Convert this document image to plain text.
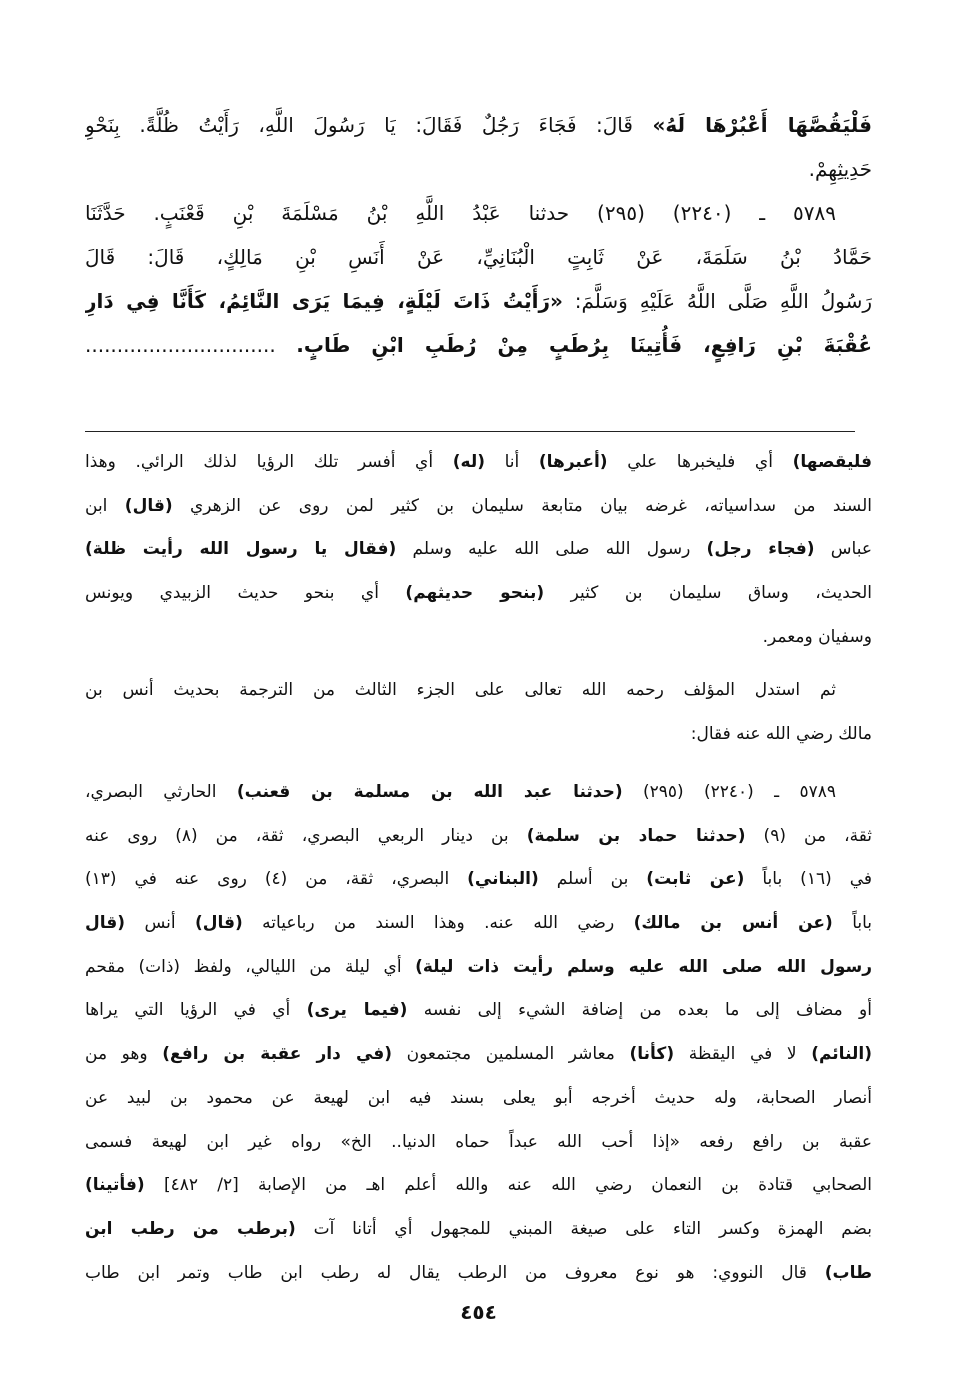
فَلْيَقُصَّهَا أَعْبُرْهَا لَهُ» قَالَ: فَجَاءَ رَجُلٌ فَقَالَ: يَا رَسُولَ اللَّهِ، رَأَيْتُ ظُلَّةً. بِنَحْوِ
حَدِيثِهِمْ.
٥٧٨٩ ـ (٢٢٤٠) (٢٩٥) حدثنا عَبْدُ اللَّهِ بْنُ مَسْلَمَةَ بْنِ قَعْنَبٍ. حَدَّثَنَا
حَمَّادُ بْنُ سَلَمَةَ، عَنْ ثَابِتٍ الْبُنَانِيِّ، عَنْ أَنَسِ بْنِ مَالِكٍ، قَالَ: قَالَ
رَسُولُ اللَّهِ صَلَّى اللَّهُ عَلَيْهِ وَسَلَّمَ: «رَأَيْتُ ذَاتَ لَيْلَةٍ، فِيمَا يَرَى النَّائِمُ، كَأَنَّا فِي دَارِ
عُقْبَةَ بْنِ رَافِعٍ، فَأُتِينَا بِرُطَبٍ مِنْ رُطَبِ ابْنِ طَابٍ. ..............................
فليقصها) أي فليخبرها علي (أعبرها) أنا (له) أي أفسر تلك الرؤيا لذلك الرائي. وهذا
السند من سداسياته، غرضه بيان متابعة سليمان بن كثير لمن روى عن الزهري (قال) ابن
عباس (فجاء رجل) رسول الله صلى الله عليه وسلم (فقال يا رسول الله رأيت ظلة)
الحديث، وساق سليمان بن كثير (بنحو حديثهم) أي بنحو حديث الزبيدي ويونس
وسفيان ومعمر.
ثم استدل المؤلف رحمه الله تعالى على الجزء الثالث من الترجمة بحديث أنس بن
مالك رضي الله عنه فقال:
٥٧٨٩ ـ (٢٢٤٠) (٢٩٥) (حدثنا عبد الله بن مسلمة بن قعنب) الحارثي البصري،
ثقة، من (٩) (حدثنا حماد بن سلمة) بن دينار الربعي البصري، ثقة، من (٨) روى عنه
في (١٦) باباً (عن ثابت) بن أسلم (البناني) البصري، ثقة، من (٤) روى عنه في (١٣)
باباً (عن أنس بن مالك) رضي الله عنه. وهذا السند من رباعياته (قال) أنس (قال
رسول الله صلى الله عليه وسلم رأيت ذات ليلة) أي ليلة من الليالي، ولفظ (ذات) مقحم
أو مضاف إلى ما بعده من إضافة الشيء إلى نفسه (فيما يرى) أي في الرؤيا التي يراها
(النائم) لا في اليقظة (كأنا) معاشر المسلمين مجتمعون (في دار عقبة بن رافع) وهو من
أنصار الصحابة، وله حديث أخرجه أبو يعلى بسند فيه ابن لهيعة عن محمود بن لبيد عن
عقبة بن رافع رفعه «إذا أحب الله عبداً حماه الدنيا.. الخ» رواه غير ابن لهيعة فسمى
الصحابي قتادة بن النعمان رضي الله عنه والله أعلم اهـ من الإصابة [٢/ ٤٨٢] (فأتينا)
بضم الهمزة وكسر التاء على صيغة المبني للمجهول أي أتانا آت (برطب من رطب ابن
طاب) قال النووي: هو نوع معروف من الرطب يقال له رطب ابن طاب وتمر ابن طاب
٤٥٤
